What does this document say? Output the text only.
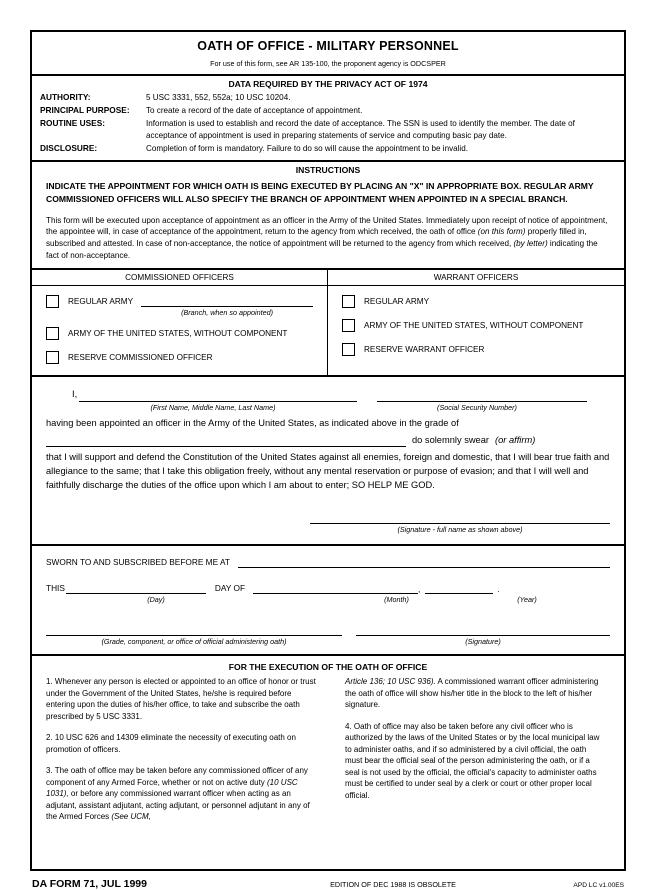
OATH OF OFFICE - MILITARY PERSONNEL
For use of this form, see AR 135-100, the proponent agency is ODCSPER
DATA REQUIRED BY THE PRIVACY ACT OF 1974
AUTHORITY:	5 USC 3331, 552, 552a; 10 USC 10204.
PRINCIPAL PURPOSE:	To create a record of the date of acceptance of appointment.
ROUTINE USES:	Information is used to establish and record the date of acceptance. The SSN is used to identify the member. The date of acceptance of appointment is used in preparing statements of service and computing basic pay date.
DISCLOSURE:	Completion of form is mandatory. Failure to do so will cause the appointment to be invalid.
INSTRUCTIONS
INDICATE THE APPOINTMENT FOR WHICH OATH IS BEING EXECUTED BY PLACING AN "X" IN APPROPRIATE BOX. REGULAR ARMY COMMISSIONED OFFICERS WILL ALSO SPECIFY THE BRANCH OF APPOINTMENT WHEN APPOINTED IN A SPECIAL BRANCH.
This form will be executed upon acceptance of appointment as an officer in the Army of the United States. Immediately upon receipt of notice of appointment, the appointee will, in case of acceptance of the appointment, return to the agency from which received, the oath of office (on this form) properly filled in, subscribed and attested. In case of non-acceptance, the notice of appointment will be returned to the agency from which received, (by letter) indicating the fact of non-acceptance.
COMMISSIONED OFFICERS	WARRANT OFFICERS
REGULAR ARMY
(Branch, when so appointed)
ARMY OF THE UNITED STATES, WITHOUT COMPONENT
RESERVE COMMISSIONED OFFICER
REGULAR ARMY
ARMY OF THE UNITED STATES, WITHOUT COMPONENT
RESERVE WARRANT OFFICER
I,
(First Name, Middle Name, Last Name)	(Social Security Number)
having been appointed an officer in the Army of the United States, as indicated above in the grade of
do solemnly swear (or affirm)
that I will support and defend the Constitution of the United States against all enemies, foreign and domestic, that I will bear true faith and allegiance to the same; that I take this obligation freely, without any mental reservation or purpose of evasion; and that I will well and faithfully discharge the duties of the office upon which I am about to enter; SO HELP ME GOD.
(Signature - full name as shown above)
SWORN TO AND SUBSCRIBED BEFORE ME AT
THIS	DAY OF	,	.
(Day)	(Month)	(Year)
(Grade, component, or office of official administering oath)	(Signature)
FOR THE EXECUTION OF THE OATH OF OFFICE
1. Whenever any person is elected or appointed to an office of honor or trust under the Government of the United States, he/she is required before entering upon the duties of his/her office, to take and subscribe the oath prescribed by 5 USC 3331.
2. 10 USC 626 and 14309 eliminate the necessity of executing oath on promotion of officers.
3. The oath of office may be taken before any commissioned officer of any component of any Armed Force, whether or not on active duty (10 USC 1031), or before any commissioned warrant officer when acting as an adjutant, assistant adjutant, acting adjutant, or personnel adjutant in any of the Armed Forces (See UCM,
Article 136; 10 USC 936). A commissioned warrant officer administering the oath of office will show his/her title in the block to the left of his/her signature.
4. Oath of office may also be taken before any civil officer who is authorized by the laws of the United States or by the local municipal law to administer oaths, and if so administered by a civil official, the oath must bear the official seal of the person administering the oath, or if a seal is not used by the official, the official's capacity to administer oaths must be certified to under seal by a clerk or court or other proper local official.
DA FORM 71, JUL 1999	EDITION OF DEC 1988 IS OBSOLETE	APD LC v1.00ES
